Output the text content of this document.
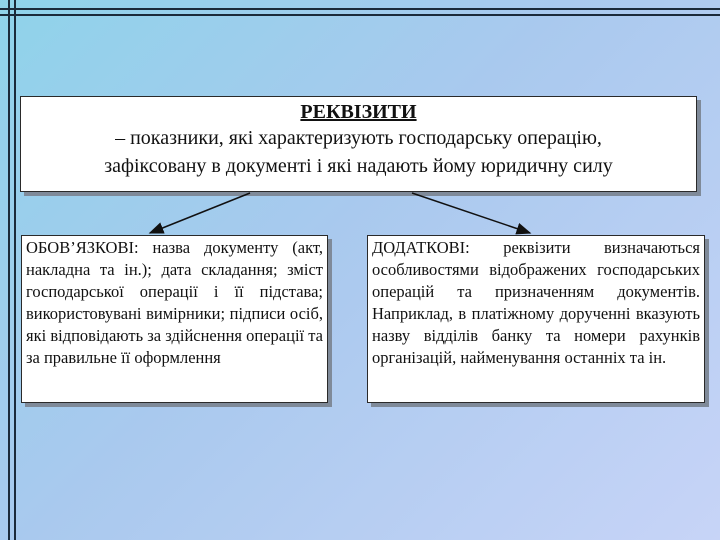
РЕКВІЗИТИ
– показники, які характеризують господарську операцію,
зафіксовану в документі і які надають йому юридичну силу
ОБОВ’ЯЗКОВІ: назва документу (акт, накладна та ін.); дата складання; зміст господарської операції і її підстава; використовувані вимірники; підписи осіб, які відповідають за здійснення операції та за правильне її оформлення
ДОДАТКОВІ: реквізити визначаються особливостями відображених господарських операцій та призначенням документів. Наприклад, в платіжному дорученні вказують назву відділів банку та номери рахунків організацій, найменування останніх та ін.
